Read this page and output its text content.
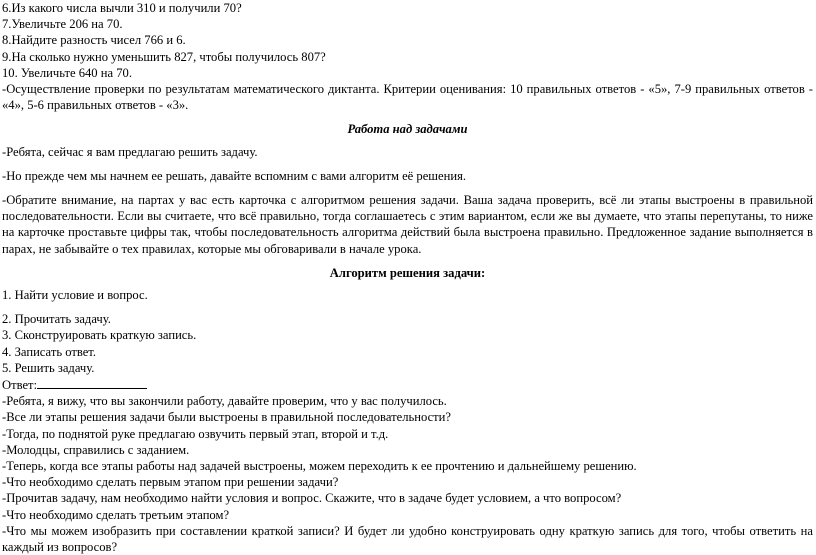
6.Из какого числа вычли 310 и получили 70?
7.Увеличьте 206 на 70.
8.Найдите разность чисел 766 и 6.
9.На сколько нужно уменьшить 827, чтобы получилось 807?
10. Увеличьте 640 на 70.
-Осуществление проверки по результатам математического диктанта. Критерии оценивания: 10 правильных ответов - «5», 7-9 правильных ответов - «4», 5-6 правильных ответов - «3».
Работа над задачами
-Ребята, сейчас я вам предлагаю решить задачу.
-Но прежде чем мы начнем ее решать, давайте вспомним с вами алгоритм её решения.
-Обратите внимание, на партах у вас есть карточка с алгоритмом решения задачи. Ваша задача проверить, всё ли этапы выстроены в правильной последовательности. Если вы считаете, что всё правильно, тогда соглашаетесь с этим вариантом, если же вы думаете, что этапы перепутаны, то ниже на карточке проставьте цифры так, чтобы последовательность алгоритма действий была выстроена правильно. Предложенное задание выполняется в парах, не забывайте о тех правилах, которые мы обговаривали в начале урока.
Алгоритм решения задачи:
1. Найти условие и вопрос.
2. Прочитать задачу.
3. Сконструировать краткую запись.
4. Записать ответ.
5. Решить задачу.
Ответ:
-Ребята, я вижу, что вы закончили работу, давайте проверим, что у вас получилось.
-Все ли этапы решения задачи были выстроены в правильной последовательности?
-Тогда, по поднятой руке предлагаю озвучить первый этап, второй и т.д.
-Молодцы, справились с заданием.
-Теперь, когда все этапы работы над задачей выстроены, можем переходить к ее прочтению и дальнейшему решению.
-Что необходимо сделать первым этапом при решении задачи?
-Прочитав задачу, нам необходимо найти условия и вопрос. Скажите, что в задаче будет условием, а что вопросом?
-Что необходимо сделать третьим этапом?
-Что мы можем изобразить при составлении краткой записи? И будет ли удобно конструировать одну краткую запись для того, чтобы ответить на каждый из вопросов?
